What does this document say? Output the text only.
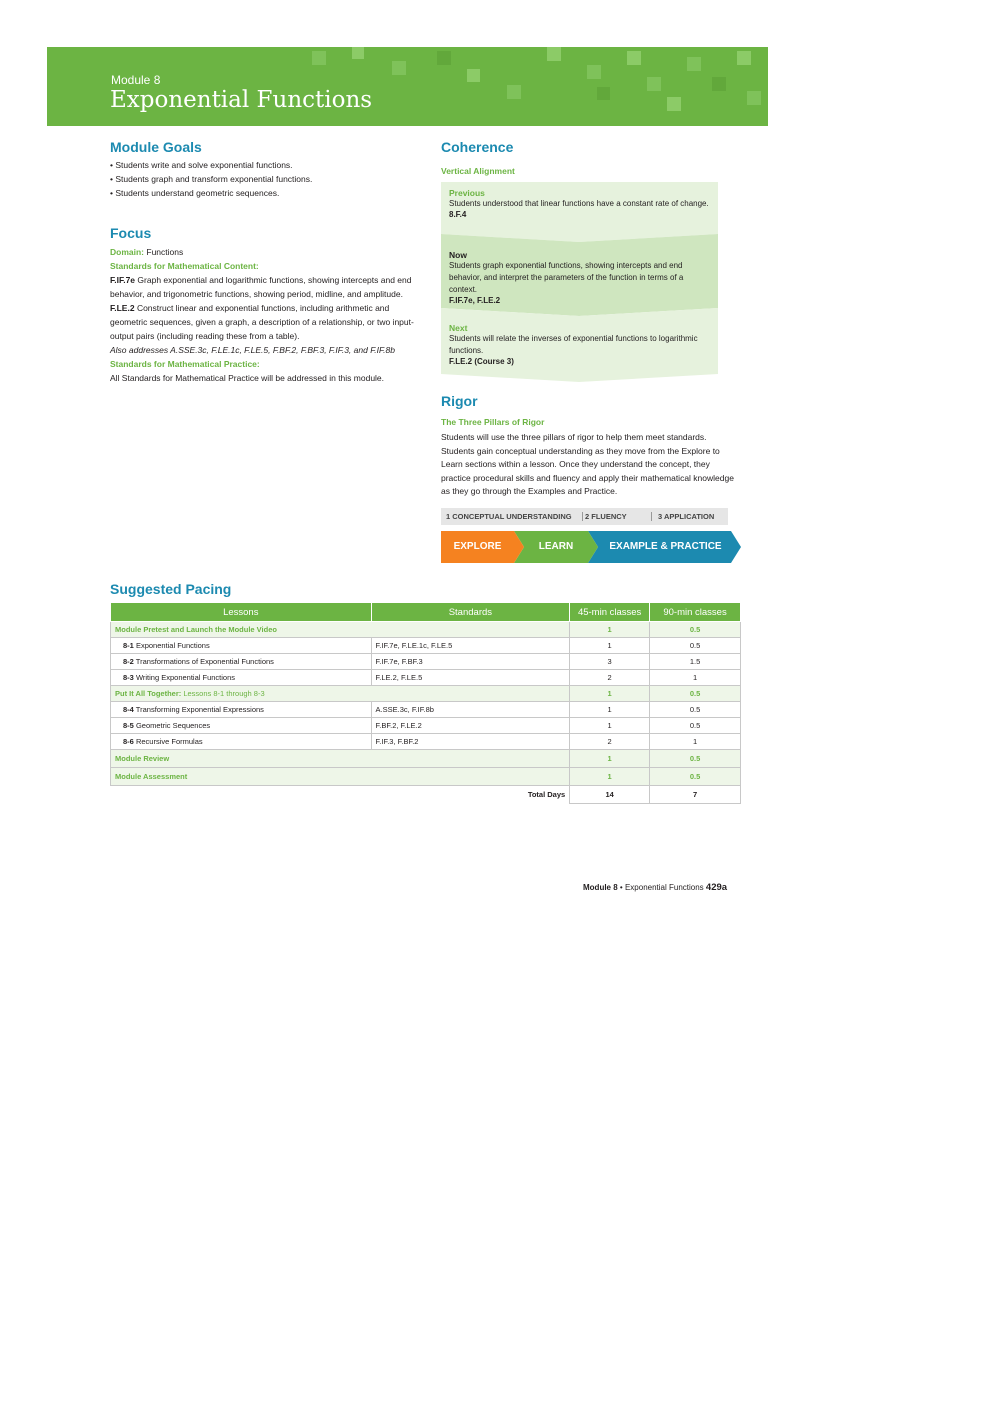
Module 8
Exponential Functions
Module Goals
• Students write and solve exponential functions.
• Students graph and transform exponential functions.
• Students understand geometric sequences.
Focus
Domain: Functions
Standards for Mathematical Content:
F.IF.7e Graph exponential and logarithmic functions, showing intercepts and end behavior, and trigonometric functions, showing period, midline, and amplitude.
F.LE.2 Construct linear and exponential functions, including arithmetic and geometric sequences, given a graph, a description of a relationship, or two input-output pairs (including reading these from a table).
Also addresses A.SSE.3c, F.LE.1c, F.LE.5, F.BF.2, F.BF.3, F.IF.3, and F.IF.8b
Standards for Mathematical Practice:
All Standards for Mathematical Practice will be addressed in this module.
Coherence
Vertical Alignment
Previous
Students understood that linear functions have a constant rate of change.
8.F.4
Now
Students graph exponential functions, showing intercepts and end behavior, and interpret the parameters of the function in terms of a context.
F.IF.7e, F.LE.2
Next
Students will relate the inverses of exponential functions to logarithmic functions.
F.LE.2 (Course 3)
Rigor
The Three Pillars of Rigor
Students will use the three pillars of rigor to help them meet standards. Students gain conceptual understanding as they move from the Explore to Learn sections within a lesson. Once they understand the concept, they practice procedural skills and fluency and apply their mathematical knowledge as they go through the Examples and Practice.
1 CONCEPTUAL UNDERSTANDING	2 FLUENCY	3 APPLICATION
EXPLORE	LEARN	EXAMPLE & PRACTICE
Suggested Pacing
Lessons	Standards	45-min classes	90-min classes
Module Pretest and Launch the Module Video		1	0.5
8-1 Exponential Functions	F.IF.7e, F.LE.1c, F.LE.5	1	0.5
8-2 Transformations of Exponential Functions	F.IF.7e, F.BF.3	3	1.5
8-3 Writing Exponential Functions	F.LE.2, F.LE.5	2	1
Put It All Together: Lessons 8-1 through 8-3		1	0.5
8-4 Transforming Exponential Expressions	A.SSE.3c, F.IF.8b	1	0.5
8-5 Geometric Sequences	F.BF.2, F.LE.2	1	0.5
8-6 Recursive Formulas	F.IF.3, F.BF.2	2	1
Module Review		1	0.5
Module Assessment		1	0.5
Total Days		14	7
Module 8 • Exponential Functions 429a
